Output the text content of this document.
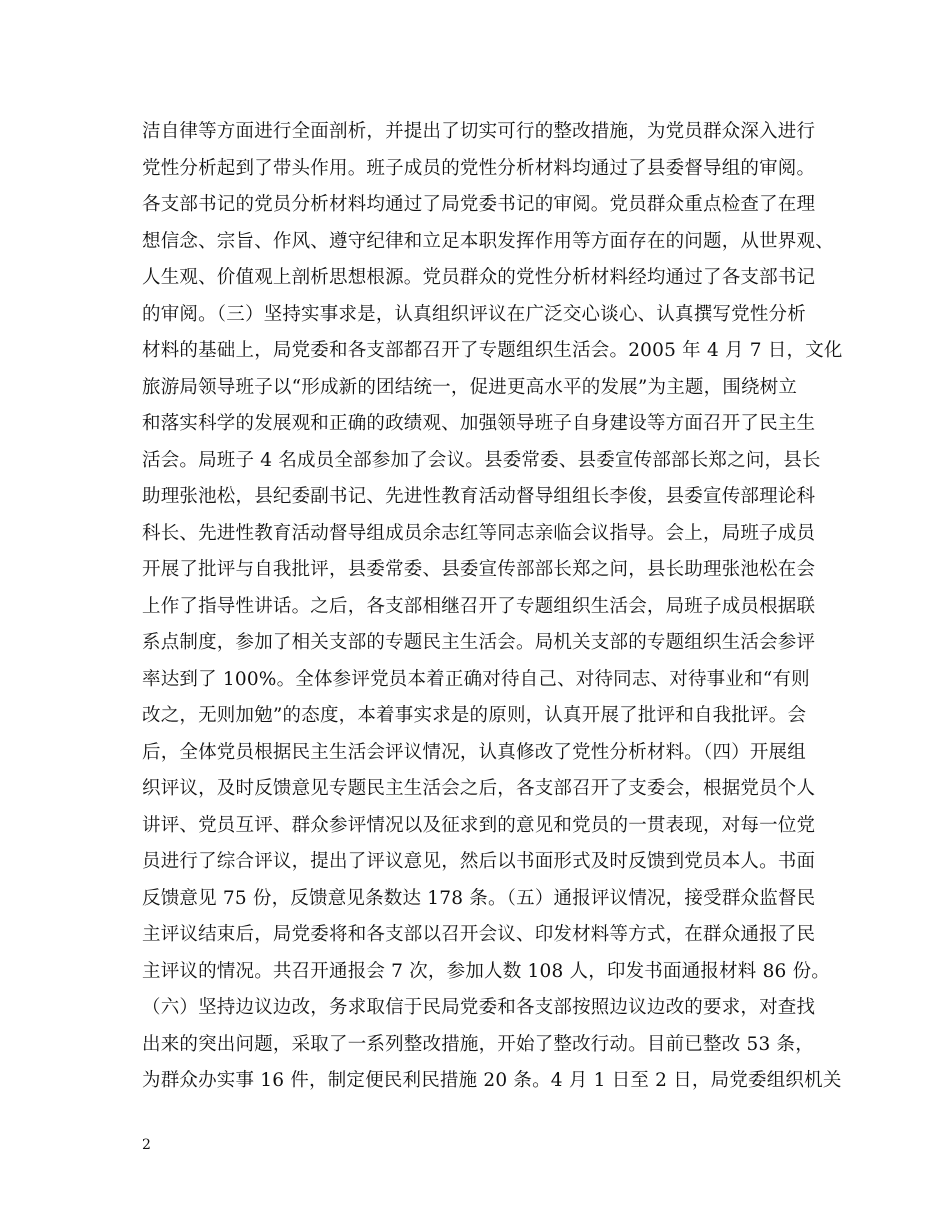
洁自律等方面进行全面剖析，并提出了切实可行的整改措施，为党员群众深入进行
党性分析起到了带头作用。班子成员的党性分析材料均通过了县委督导组的审阅。
各支部书记的党员分析材料均通过了局党委书记的审阅。党员群众重点检查了在理
想信念、宗旨、作风、遵守纪律和立足本职发挥作用等方面存在的问题，从世界观、
人生观、价值观上剖析思想根源。党员群众的党性分析材料经均通过了各支部书记
的审阅。（三）坚持实事求是，认真组织评议在广泛交心谈心、认真撰写党性分析
材料的基础上，局党委和各支部都召开了专题组织生活会。2005 年 4 月 7 日，文化
旅游局领导班子以“形成新的团结统一，促进更高水平的发展”为主题，围绕树立
和落实科学的发展观和正确的政绩观、加强领导班子自身建设等方面召开了民主生
活会。局班子 4 名成员全部参加了会议。县委常委、县委宣传部部长郑之问，县长
助理张池松，县纪委副书记、先进性教育活动督导组组长李俊，县委宣传部理论科
科长、先进性教育活动督导组成员余志红等同志亲临会议指导。会上，局班子成员
开展了批评与自我批评，县委常委、县委宣传部部长郑之问，县长助理张池松在会
上作了指导性讲话。之后，各支部相继召开了专题组织生活会，局班子成员根据联
系点制度，参加了相关支部的专题民主生活会。局机关支部的专题组织生活会参评
率达到了 100%。全体参评党员本着正确对待自己、对待同志、对待事业和“有则
改之，无则加勉”的态度，本着事实求是的原则，认真开展了批评和自我批评。会
后，全体党员根据民主生活会评议情况，认真修改了党性分析材料。（四）开展组
织评议，及时反馈意见专题民主生活会之后，各支部召开了支委会，根据党员个人
讲评、党员互评、群众参评情况以及征求到的意见和党员的一贯表现，对每一位党
员进行了综合评议，提出了评议意见，然后以书面形式及时反馈到党员本人。书面
反馈意见 75 份，反馈意见条数达 178 条。（五）通报评议情况，接受群众监督民
主评议结束后，局党委将和各支部以召开会议、印发材料等方式，在群众通报了民
主评议的情况。共召开通报会 7 次，参加人数 108 人，印发书面通报材料 86 份。
（六）坚持边议边改，务求取信于民局党委和各支部按照边议边改的要求，对查找
出来的突出问题，采取了一系列整改措施，开始了整改行动。目前已整改 53 条，
为群众办实事 16 件，制定便民利民措施 20 条。4 月 1 日至 2 日，局党委组织机关
2
